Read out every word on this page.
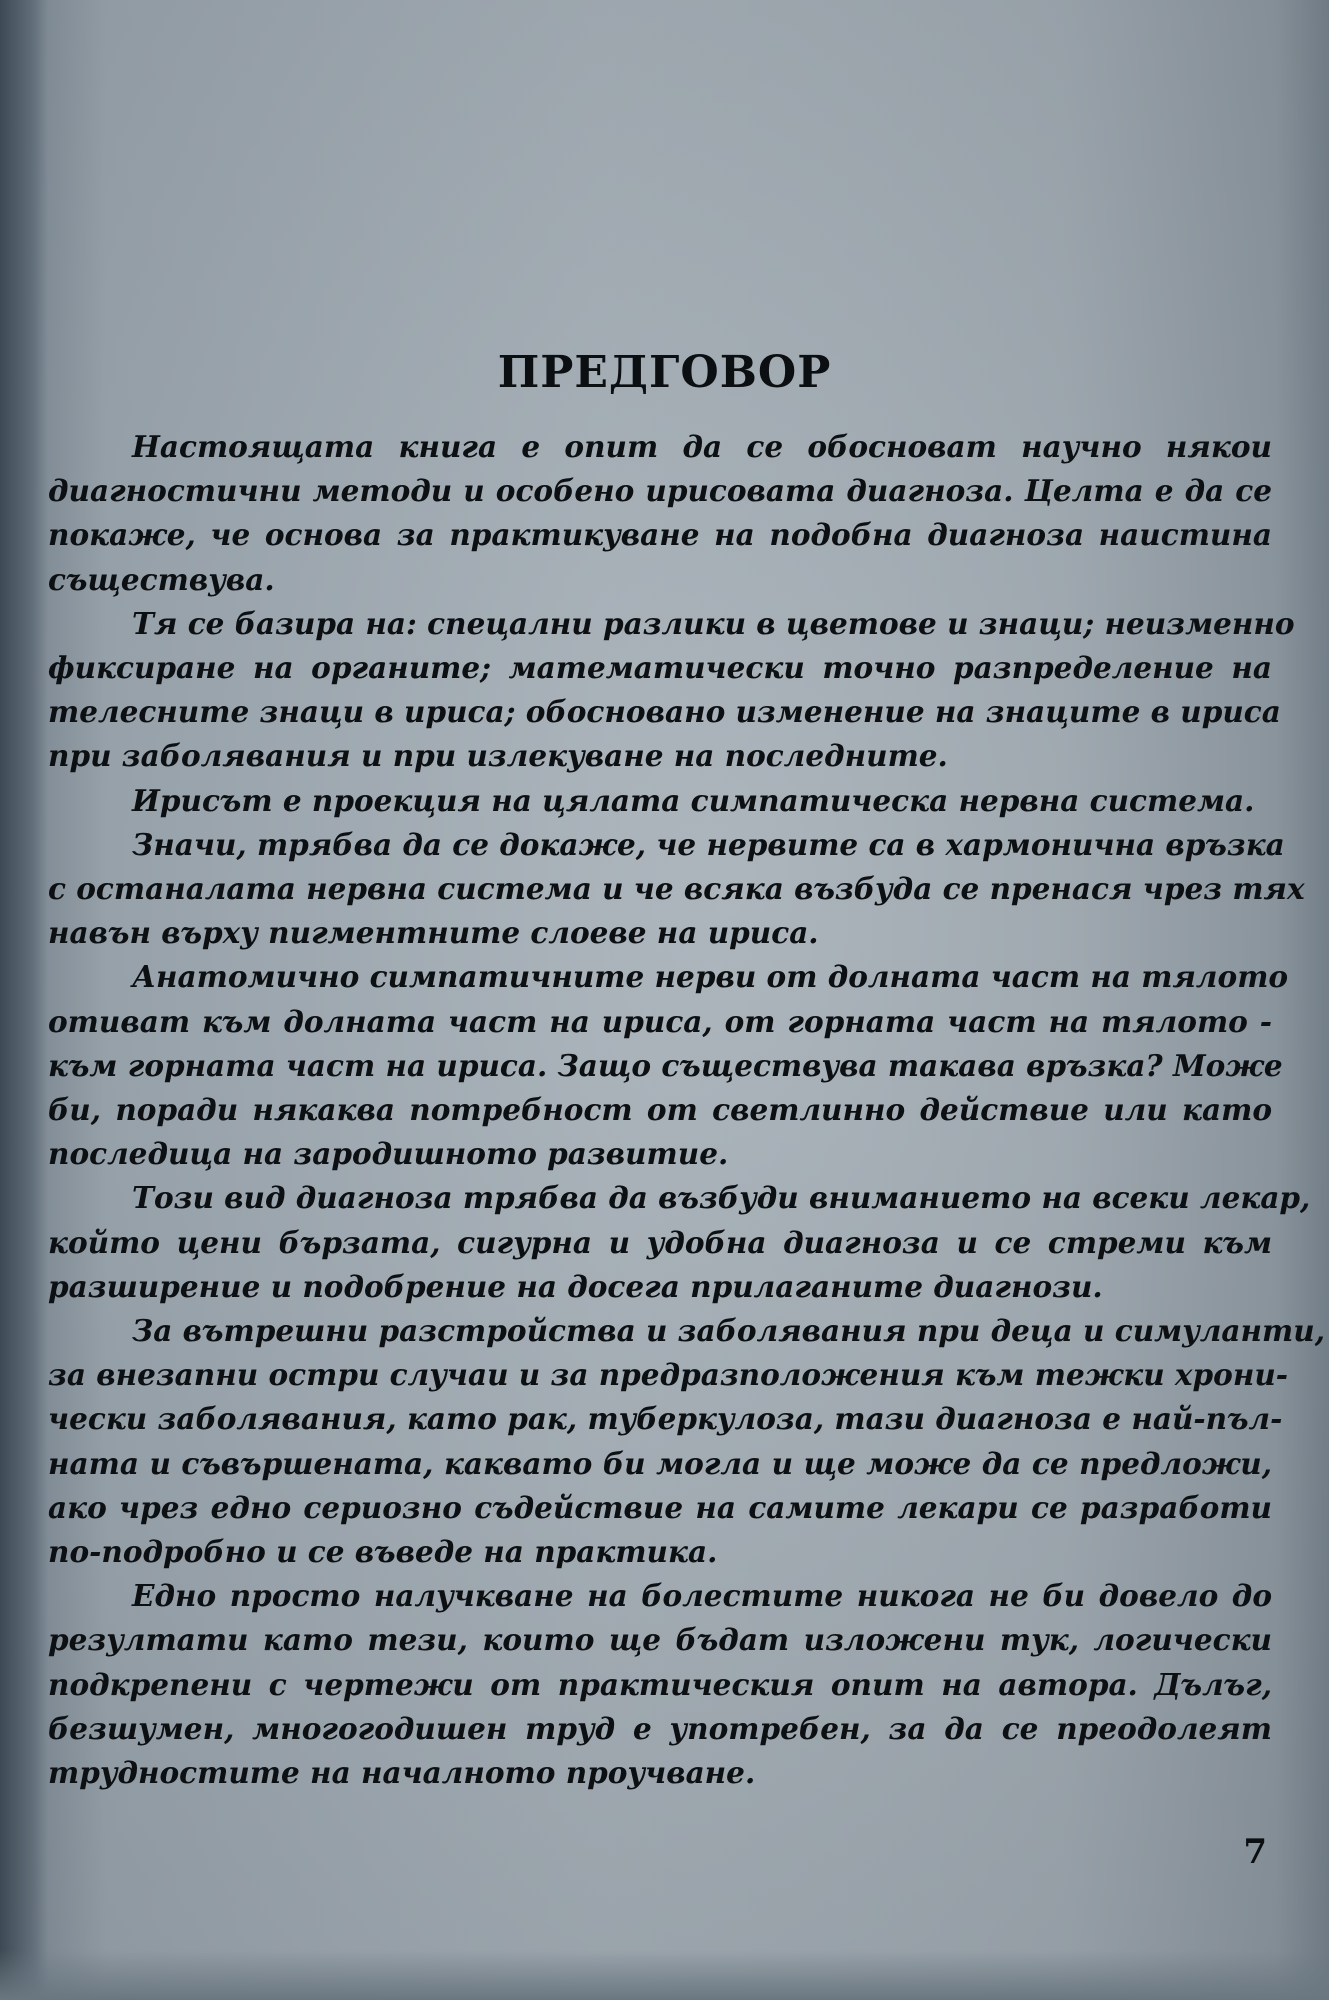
ПРЕДГОВОР
Настоящата книга е опит да се обосноват научно някои
диагностични методи и особено ирисовата диагноза. Целта е да се
покаже, че основа за практикуване на подобна диагноза наистина
съществува.
Тя се базира на: спецални разлики в цветове и знаци; неизменно
фиксиране на органите; математически точно разпределение на
телесните знаци в ириса; обосновано изменение на знаците в ириса
при заболявания и при излекуване на последните.
Ирисът е проекция на цялата симпатическа нервна система.
Значи, трябва да се докаже, че нервите са в хармонична връзка
с останалата нервна система и че всяка възбуда се пренася чрез тях
навън върху пигментните слоеве на ириса.
Анатомично симпатичните нерви от долната част на тялото
отиват към долната част на ириса, от горната част на тялото -
към горната част на ириса. Защо съществува такава връзка? Може
би, поради някаква потребност от светлинно действие или като
последица на зародишното развитие.
Този вид диагноза трябва да възбуди вниманието на всеки лекар,
който цени бързата, сигурна и удобна диагноза и се стреми към
разширение и подобрение на досега прилаганите диагнози.
За вътрешни разстройства и заболявания при деца и симуланти,
за внезапни остри случаи и за предразположения към тежки хрони-
чески заболявания, като рак, туберкулоза, тази диагноза е най-пъл-
ната и съвършената, каквато би могла и ще може да се предложи,
ако чрез едно сериозно съдействие на самите лекари се разработи
по-подробно и се въведе на практика.
Едно просто налучкване на болестите никога не би довело до
резултати като тези, които ще бъдат изложени тук, логически
подкрепени с чертежи от практическия опит на автора. Дълъг,
безшумен, многогодишен труд е употребен, за да се преодолеят
трудностите на началното проучване.
7
